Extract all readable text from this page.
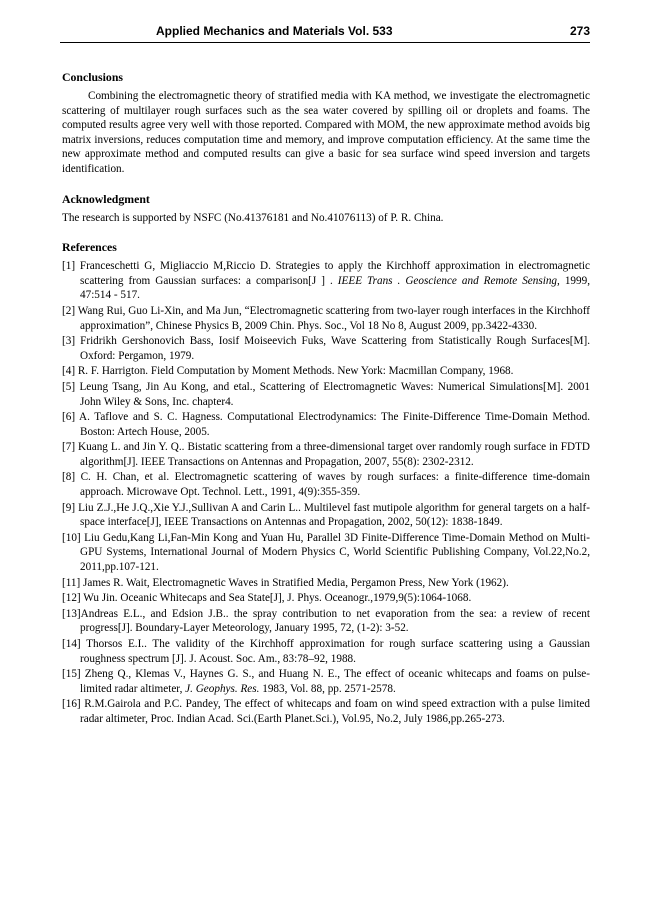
Applied Mechanics and Materials Vol. 533	273
Conclusions

Combining the electromagnetic theory of stratified media with KA method, we investigate the electromagnetic scattering of multilayer rough surfaces such as the sea water covered by spilling oil or droplets and foams. The computed results agree very well with those reported. Compared with MOM, the new approximate method avoids big matrix inversions, reduces computation time and memory, and improve computation efficiency. At the same time the new approximate method and computed results can give a basic for sea surface wind speed inversion and targets identification.

Acknowledgment

The research is supported by NSFC (No.41376181 and No.41076113) of P. R. China.

References

[1] Franceschetti G, Migliaccio M,Riccio D. Strategies to apply the Kirchhoff approximation in electromagnetic scattering from Gaussian surfaces: a comparison[J ] . IEEE Trans . Geoscience and Remote Sensing, 1999, 47:514 - 517.

[2] Wang Rui, Guo Li-Xin, and Ma Jun, “Electromagnetic scattering from two-layer rough interfaces in the Kirchhoff approximation”, Chinese Physics B, 2009 Chin. Phys. Soc., Vol 18 No 8, August 2009, pp.3422-4330.

[3] Fridrikh Gershonovich Bass, Iosif Moiseevich Fuks, Wave Scattering from Statistically Rough Surfaces[M]. Oxford: Pergamon, 1979.

[4] R. F. Harrigton. Field Computation by Moment Methods. New York: Macmillan Company, 1968.

[5] Leung Tsang, Jin Au Kong, and etal., Scattering of Electromagnetic Waves: Numerical Simulations[M]. 2001 John Wiley & Sons, Inc. chapter4.

[6] A. Taflove and S. C. Hagness. Computational Electrodynamics: The Finite-Difference Time-Domain Method. Boston: Artech House, 2005.

[7] Kuang L. and Jin Y. Q.. Bistatic scattering from a three-dimensional target over randomly rough surface in FDTD algorithm[J]. IEEE Transactions on Antennas and Propagation, 2007, 55(8): 2302-2312.

[8] C. H. Chan, et al. Electromagnetic scattering of waves by rough surfaces: a finite-difference time-domain approach. Microwave Opt. Technol. Lett., 1991, 4(9):355-359.

[9] Liu Z.J.,He J.Q.,Xie Y.J.,Sullivan A and Carin L.. Multilevel fast mutipole algorithm for general targets on a half-space interface[J], IEEE Transactions on Antennas and Propagation, 2002, 50(12): 1838-1849.

[10] Liu Gedu,Kang Li,Fan-Min Kong and Yuan Hu, Parallel 3D Finite-Difference Time-Domain Method on Multi-GPU Systems, International Journal of Modern Physics C, World Scientific Publishing Company, Vol.22,No.2, 2011,pp.107-121.

[11] James R. Wait, Electromagnetic Waves in Stratified Media, Pergamon Press, New York (1962).

[12] Wu Jin. Oceanic Whitecaps and Sea State[J], J. Phys. Oceanogr.,1979,9(5):1064-1068.

[13]Andreas E.L., and Edsion J.B.. the spray contribution to net evaporation from the sea: a review of recent progress[J]. Boundary-Layer Meteorology, January 1995, 72, (1-2): 3-52.

[14] Thorsos E.I.. The validity of the Kirchhoff approximation for rough surface scattering using a Gaussian roughness spectrum [J]. J. Acoust. Soc. Am., 83:78–92, 1988.

[15] Zheng Q., Klemas V., Haynes G. S., and Huang N. E., The effect of oceanic whitecaps and foams on pulse-limited radar altimeter, J. Geophys. Res. 1983, Vol. 88, pp. 2571-2578.

[16] R.M.Gairola and P.C. Pandey, The effect of whitecaps and foam on wind speed extraction with a pulse limited radar altimeter, Proc. Indian Acad. Sci.(Earth Planet.Sci.), Vol.95, No.2, July 1986,pp.265-273.
